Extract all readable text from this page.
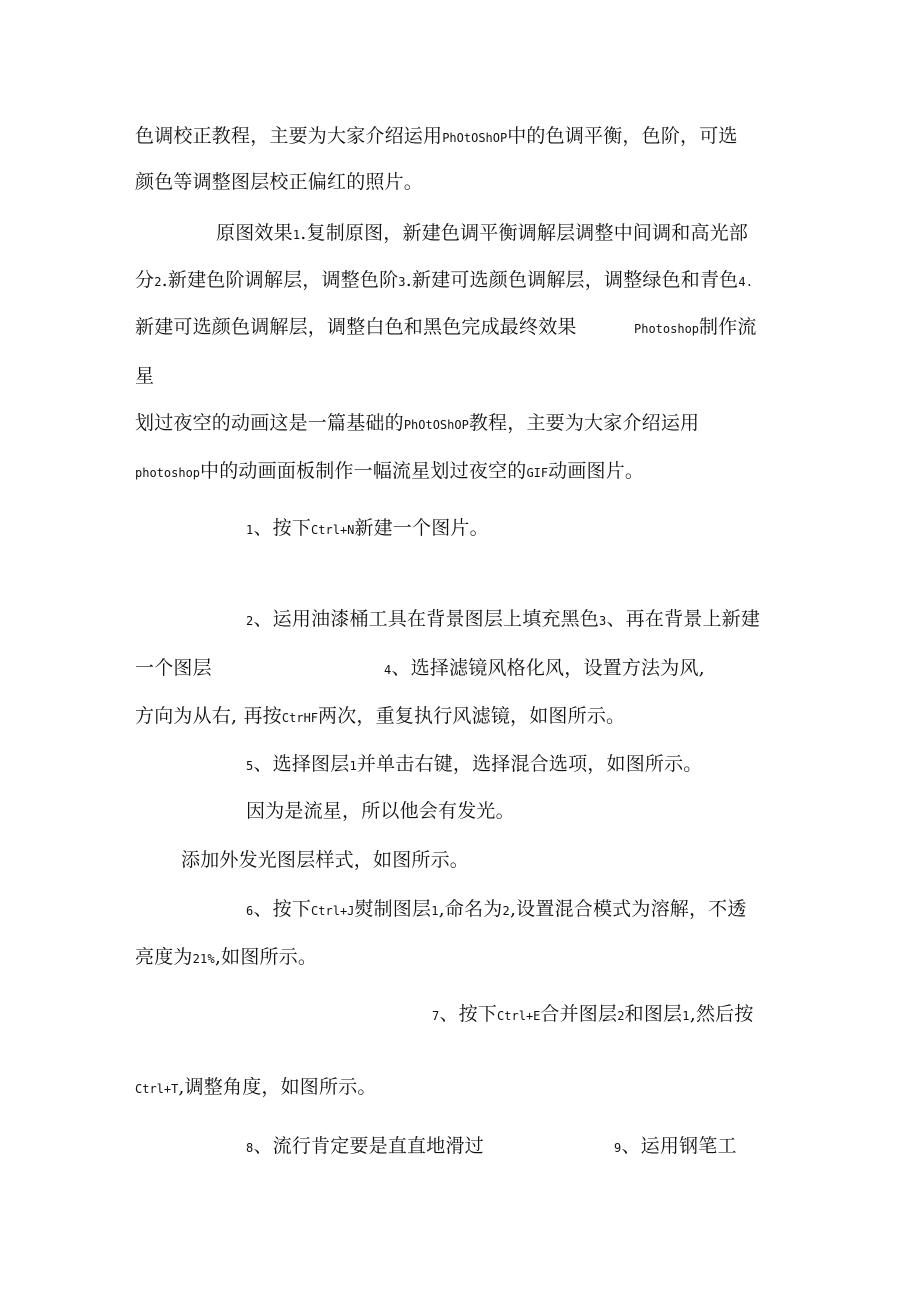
色调校正教程，主要为大家介绍运用PhOtOShOP中的色调平衡，色阶，可选
颜色等调整图层校正偏红的照片。
原图效果1.复制原图，新建色调平衡调解层调整中间调和高光部
分2.新建色阶调解层，调整色阶3.新建可选颜色调解层，调整绿色和青色4.
新建可选颜色调解层，调整白色和黑色完成最终效果	Photoshop制作流
星
划过夜空的动画这是一篇基础的PhOtOShOP教程，主要为大家介绍运用
photoshop中的动画面板制作一幅流星划过夜空的GIF动画图片。
1、按下Ctrl+N新建一个图片。
2、运用油漆桶工具在背景图层上填充黑色3、再在背景上新建
一个图层	4、选择滤镜风格化风，设置方法为风,
方向为从右, 再按CtrHF两次，重复执行风滤镜，如图所示。
5、选择图层1并单击右键，选择混合选项，如图所示。
因为是流星，所以他会有发光。
添加外发光图层样式，如图所示。
6、按下Ctrl+J熨制图层1,命名为2,设置混合模式为溶解，不透
亮度为21%,如图所示。
7、按下Ctrl+E合并图层2和图层1,然后按
Ctrl+T,调整角度，如图所示。
8、流行肯定要是直直地滑过	9、运用钢笔工
